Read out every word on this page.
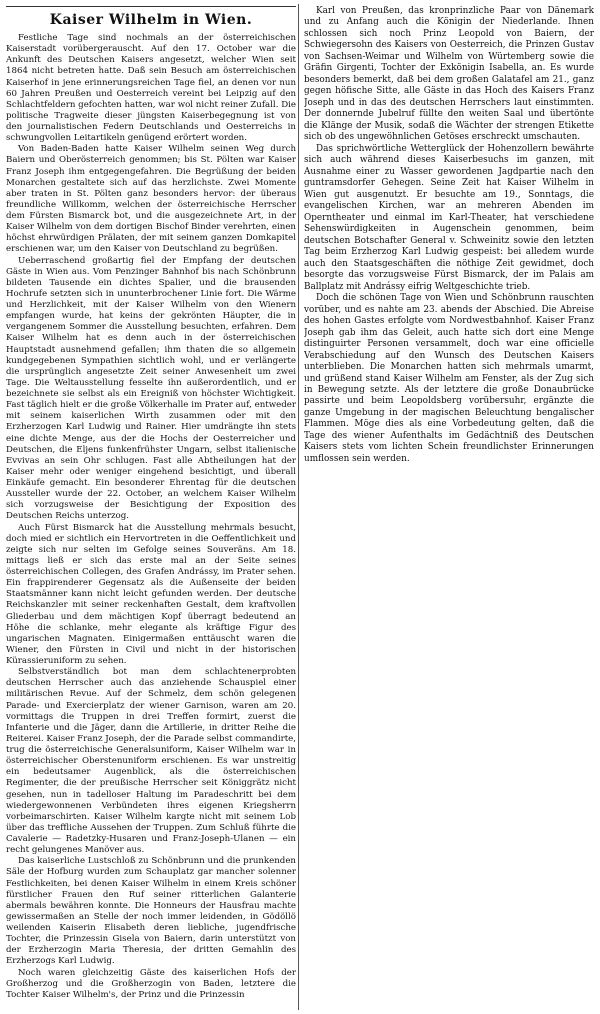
Kaiser Wilhelm in Wien.

Festliche Tage sind nochmals an der österreichischen Kaiserstadt vorübergerauscht. Auf den 17. October war die Ankunft des Deutschen Kaisers angesetzt, welcher Wien seit 1864 nicht betreten hatte. Daß sein Besuch am österreichischen Kaiserhof in jene erinnerungsreichen Tage fiel, an denen vor nun 60 Jahren Preußen und Oesterreich vereint bei Leipzig auf den Schlachtfeldern gefochten hatten, war wol nicht reiner Zufall. Die politische Tragweite dieser jüngsten Kaiserbegegnung ist von den journalistischen Federn Deutschlands und Oesterreichs in schwungvollen Leitartikeln genügend erörtert worden.

Von Baden-Baden hatte Kaiser Wilhelm seinen Weg durch Baiern und Oberösterreich genommen; bis St. Pölten war Kaiser Franz Joseph ihm entgegengefahren. Die Begrüßung der beiden Monarchen gestaltete sich auf das herzlichste. Zwei Momente aber traten in St. Pölten ganz besonders hervor: der überaus freundliche Willkomm, welchen der österreichische Herrscher dem Fürsten Bismarck bot, und die ausgezeichnete Art, in der Kaiser Wilhelm von dem dortigen Bischof Binder verehrten, einen höchst ehrwürdigen Prälaten, der mit seinem ganzen Domkapitel erschienen war, um den Kaiser von Deutschland zu begrüßen.

Ueberraschend großartig fiel der Empfang der deutschen Gäste in Wien aus. Vom Penzinger Bahnhof bis nach Schönbrunn bildeten Tausende ein dichtes Spalier, und die brausenden Hochrufe setzten sich in ununterbrochener Linie fort. Die Wärme und Herzlichkeit, mit der Kaiser Wilhelm von den Wienern empfangen wurde, hat keins der gekrönten Häupter, die in vergangenem Sommer die Ausstellung besuchten, erfahren. Dem Kaiser Wilhelm hat es denn auch in der österreichischen Hauptstadt ausnehmend gefallen; ihm thaten die so allgemein kundgegebenen Sympathien sichtlich wohl, und er verlängerte die ursprünglich angesetzte Zeit seiner Anwesenheit um zwei Tage. Die Weltausstellung fesselte ihn außerordentlich, und er bezeichnete sie selbst als ein Ereigniß von höchster Wichtigkeit. Fast täglich hielt er die große Völkerhalle im Prater auf, entweder mit seinem kaiserlichen Wirth zusammen oder mit den Erzherzogen Karl Ludwig und Rainer. Hier umdrängte ihn stets eine dichte Menge, aus der die Hochs der Oesterreicher und Deutschen, die Eljens funkenfrühster Ungarn, selbst italienische Evvivas an sein Ohr schlugen. Fast alle Abtheilungen hat der Kaiser mehr oder weniger eingehend besichtigt, und überall Einkäufe gemacht. Ein besonderer Ehrentag für die deutschen Aussteller wurde der 22. October, an welchem Kaiser Wilhelm sich vorzugsweise der Besichtigung der Exposition des Deutschen Reichs unterzog.

Auch Fürst Bismarck hat die Ausstellung mehrmals besucht, doch mied er sichtlich ein Hervortreten in die Oeffentlichkeit und zeigte sich nur selten im Gefolge seines Souveräns. Am 18. mittags ließ er sich das erste mal an der Seite seines österreichischen Collegen, des Grafen Andrássy, im Prater sehen. Ein frappirenderer Gegensatz als die Außenseite der beiden Staatsmänner kann nicht leicht gefunden werden. Der deutsche Reichskanzler mit seiner reckenhaften Gestalt, dem kraftvollen Gliederbau und dem mächtigen Kopf überragt bedeutend an Höhe die schlanke, mehr elegante als kräftige Figur des ungarischen Magnaten. Einigermaßen enttäuscht waren die Wiener, den Fürsten in Civil und nicht in der historischen Kürassieruniform zu sehen.

Selbstverständlich bot man dem schlachtenerprobten deutschen Herrscher auch das anziehende Schauspiel einer militärischen Revue. Auf der Schmelz, dem schön gelegenen Parade- und Exercierplatz der wiener Garnison, waren am 20. vormittags die Truppen in drei Treffen formirt, zuerst die Infanterie und die Jäger, dann die Artillerie, in dritter Reihe die Reiterei. Kaiser Franz Joseph, der die Parade selbst commandirte, trug die österreichische Generalsuniform, Kaiser Wilhelm war in österreichischer Oberstenuniform erschienen. Es war unstreitig ein bedeutsamer Augenblick, als die österreichischen Regimenter, die der preußische Herrscher seit Königgrätz nicht gesehen, nun in tadelloser Haltung im Paradeschritt bei dem wiedergewonnenen Verbündeten ihres eigenen Kriegsherrn vorbeimarschirten. Kaiser Wilhelm kargte nicht mit seinem Lob über das treffliche Aussehen der Truppen. Zum Schluß führte die Cavalerie — Radetzky-Husaren und Franz-Joseph-Ulanen — ein recht gelungenes Manöver aus.

Das kaiserliche Lustschloß zu Schönbrunn und die prunkenden Säle der Hofburg wurden zum Schauplatz gar mancher solenner Festlichkeiten, bei denen Kaiser Wilhelm in einem Kreis schöner fürstlicher Frauen den Ruf seiner ritterlichen Galanterie abermals bewähren konnte. Die Honneurs der Hausfrau machte gewissermaßen an Stelle der noch immer leidenden, in Gödöllö weilenden Kaiserin Elisabeth deren liebliche, jugendfrische Tochter, die Prinzessin Gisela von Baiern, darin unterstützt von der Erzherzogin Maria Theresia, der dritten Gemahlin des Erzherzogs Karl Ludwig.

Noch waren gleichzeitig Gäste des kaiserlichen Hofs der Großherzog und die Großherzogin von Baden, letztere die Tochter Kaiser Wilhelm's, der Prinz und die Prinzessin

Karl von Preußen, das kronprinzliche Paar von Dänemark und zu Anfang auch die Königin der Niederlande. Ihnen schlossen sich noch Prinz Leopold von Baiern, der Schwiegersohn des Kaisers von Oesterreich, die Prinzen Gustav von Sachsen-Weimar und Wilhelm von Würtemberg sowie die Gräfin Girgenti, Tochter der Exkönigin Isabella, an. Es wurde besonders bemerkt, daß bei dem großen Galatafel am 21., ganz gegen höfische Sitte, alle Gäste in das Hoch des Kaisers Franz Joseph und in das des deutschen Herrschers laut einstimmten. Der donnernde Jubelruf füllte den weiten Saal und übertönte die Klänge der Musik, sodaß die Wächter der strengen Etikette sich ob des ungewöhnlichen Getöses erschreckt umschauten.

Das sprichwörtliche Wetterglück der Hohenzollern bewährte sich auch während dieses Kaiserbesuchs im ganzen, mit Ausnahme einer zu Wasser gewordenen Jagdpartie nach den guntramsdorfer Gehegen. Seine Zeit hat Kaiser Wilhelm in Wien gut ausgenutzt. Er besuchte am 19., Sonntags, die evangelischen Kirchen, war an mehreren Abenden im Operntheater und einmal im Karl-Theater, hat verschiedene Sehenswürdigkeiten in Augenschein genommen, beim deutschen Botschafter General v. Schweinitz sowie den letzten Tag beim Erzherzog Karl Ludwig gespeist: bei alledem wurde auch den Staatsgeschäften die nöthige Zeit gewidmet, doch besorgte das vorzugsweise Fürst Bismarck, der im Palais am Ballplatz mit Andrássy eifrig Weltgeschichte trieb.

Doch die schönen Tage von Wien und Schönbrunn rauschten vorüber, und es nahte am 23. abends der Abschied. Die Abreise des hohen Gastes erfolgte vom Nordwestbahnhof. Kaiser Franz Joseph gab ihm das Geleit, auch hatte sich dort eine Menge distinguirter Personen versammelt, doch war eine officielle Verabschiedung auf den Wunsch des Deutschen Kaisers unterblieben. Die Monarchen hatten sich mehrmals umarmt, und grüßend stand Kaiser Wilhelm am Fenster, als der Zug sich in Bewegung setzte. Als der letztere die große Donaubrücke passirte und beim Leopoldsberg vorübersuhr, ergänzte die ganze Umgebung in der magischen Beleuchtung bengalischer Flammen. Möge dies als eine Vorbedeutung gelten, daß die Tage des wiener Aufenthalts im Gedächtniß des Deutschen Kaisers stets vom lichten Schein freundlichster Erinnerungen umflossen sein werden.
